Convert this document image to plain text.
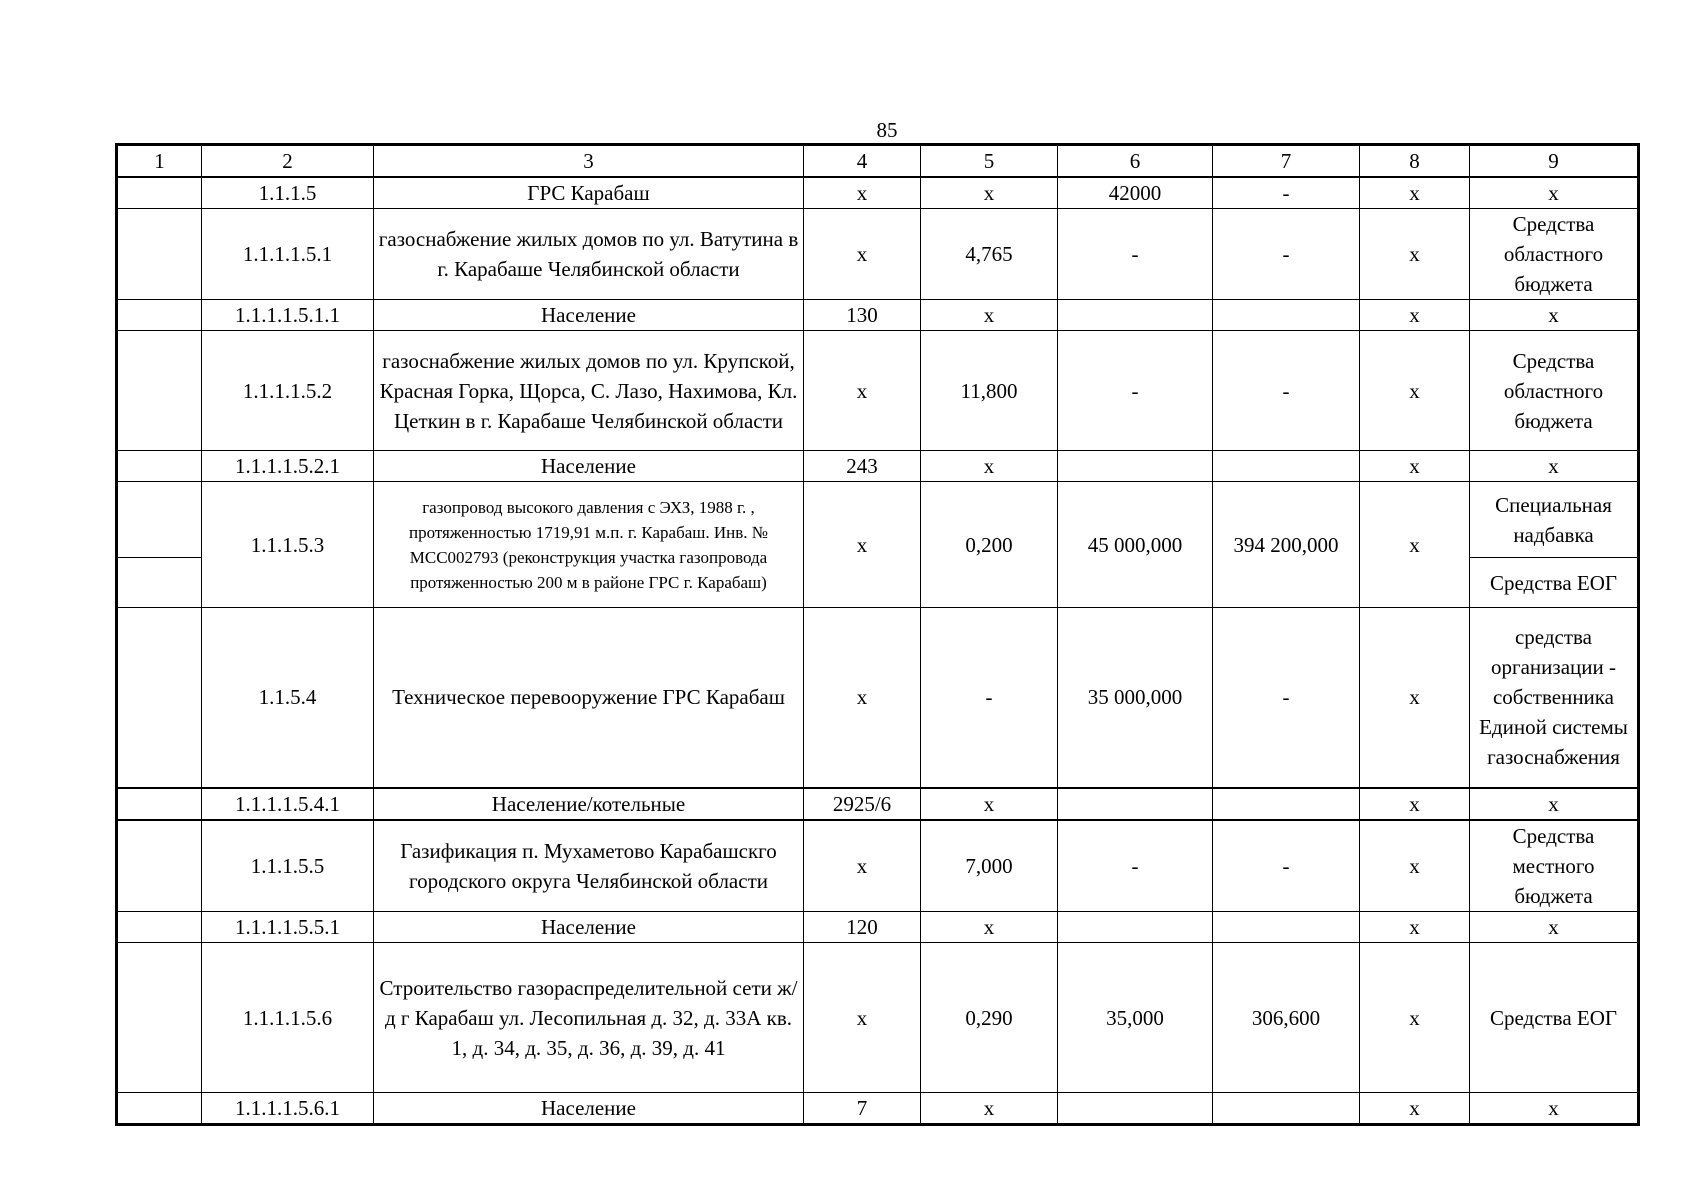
85
1	2	3	4	5	6	7	8	9
	1.1.1.5	ГРС Карабаш	х	х	42000	-	х	х
	1.1.1.1.5.1	газоснабжение жилых домов по ул. Ватутина в г. Карабаше Челябинской области	х	4,765	-	-	х	Средства областного бюджета
	1.1.1.1.5.1.1	Население	130	х			х	х
	1.1.1.1.5.2	газоснабжение жилых домов по ул. Крупской, Красная Горка, Щорса, С. Лазо, Нахимова, Кл. Цеткин в г. Карабаше Челябинской области	х	11,800	-	-	х	Средства областного бюджета
	1.1.1.1.5.2.1	Население	243	х			х	х
	1.1.1.5.3	газопровод высокого давления с ЭХЗ, 1988 г. , протяженностью 1719,91 м.п. г. Карабаш. Инв. № МСС002793 (реконструкция участка газопровода протяженностью 200 м в районе ГРС г. Карабаш)	х	0,200	45 000,000	394 200,000	х	Специальная надбавка
								Средства ЕОГ
	1.1.5.4	Техническое перевооружение ГРС Карабаш	х	-	35 000,000	-	х	средства организации - собственника Единой системы газоснабжения
	1.1.1.1.5.4.1	Население/котельные	2925/6	х			х	х
	1.1.1.5.5	Газификация п. Мухаметово Карабашскго городского округа Челябинской области	х	7,000	-	-	х	Средства местного бюджета
	1.1.1.1.5.5.1	Население	120	х			х	х
	1.1.1.1.5.6	Строительство газораспределительной сети ж/д г Карабаш ул. Лесопильная д. 32, д. 33А кв. 1, д. 34, д. 35, д. 36, д. 39, д. 41	х	0,290	35,000	306,600	х	Средства ЕОГ
	1.1.1.1.5.6.1	Население	7	х			х	х
